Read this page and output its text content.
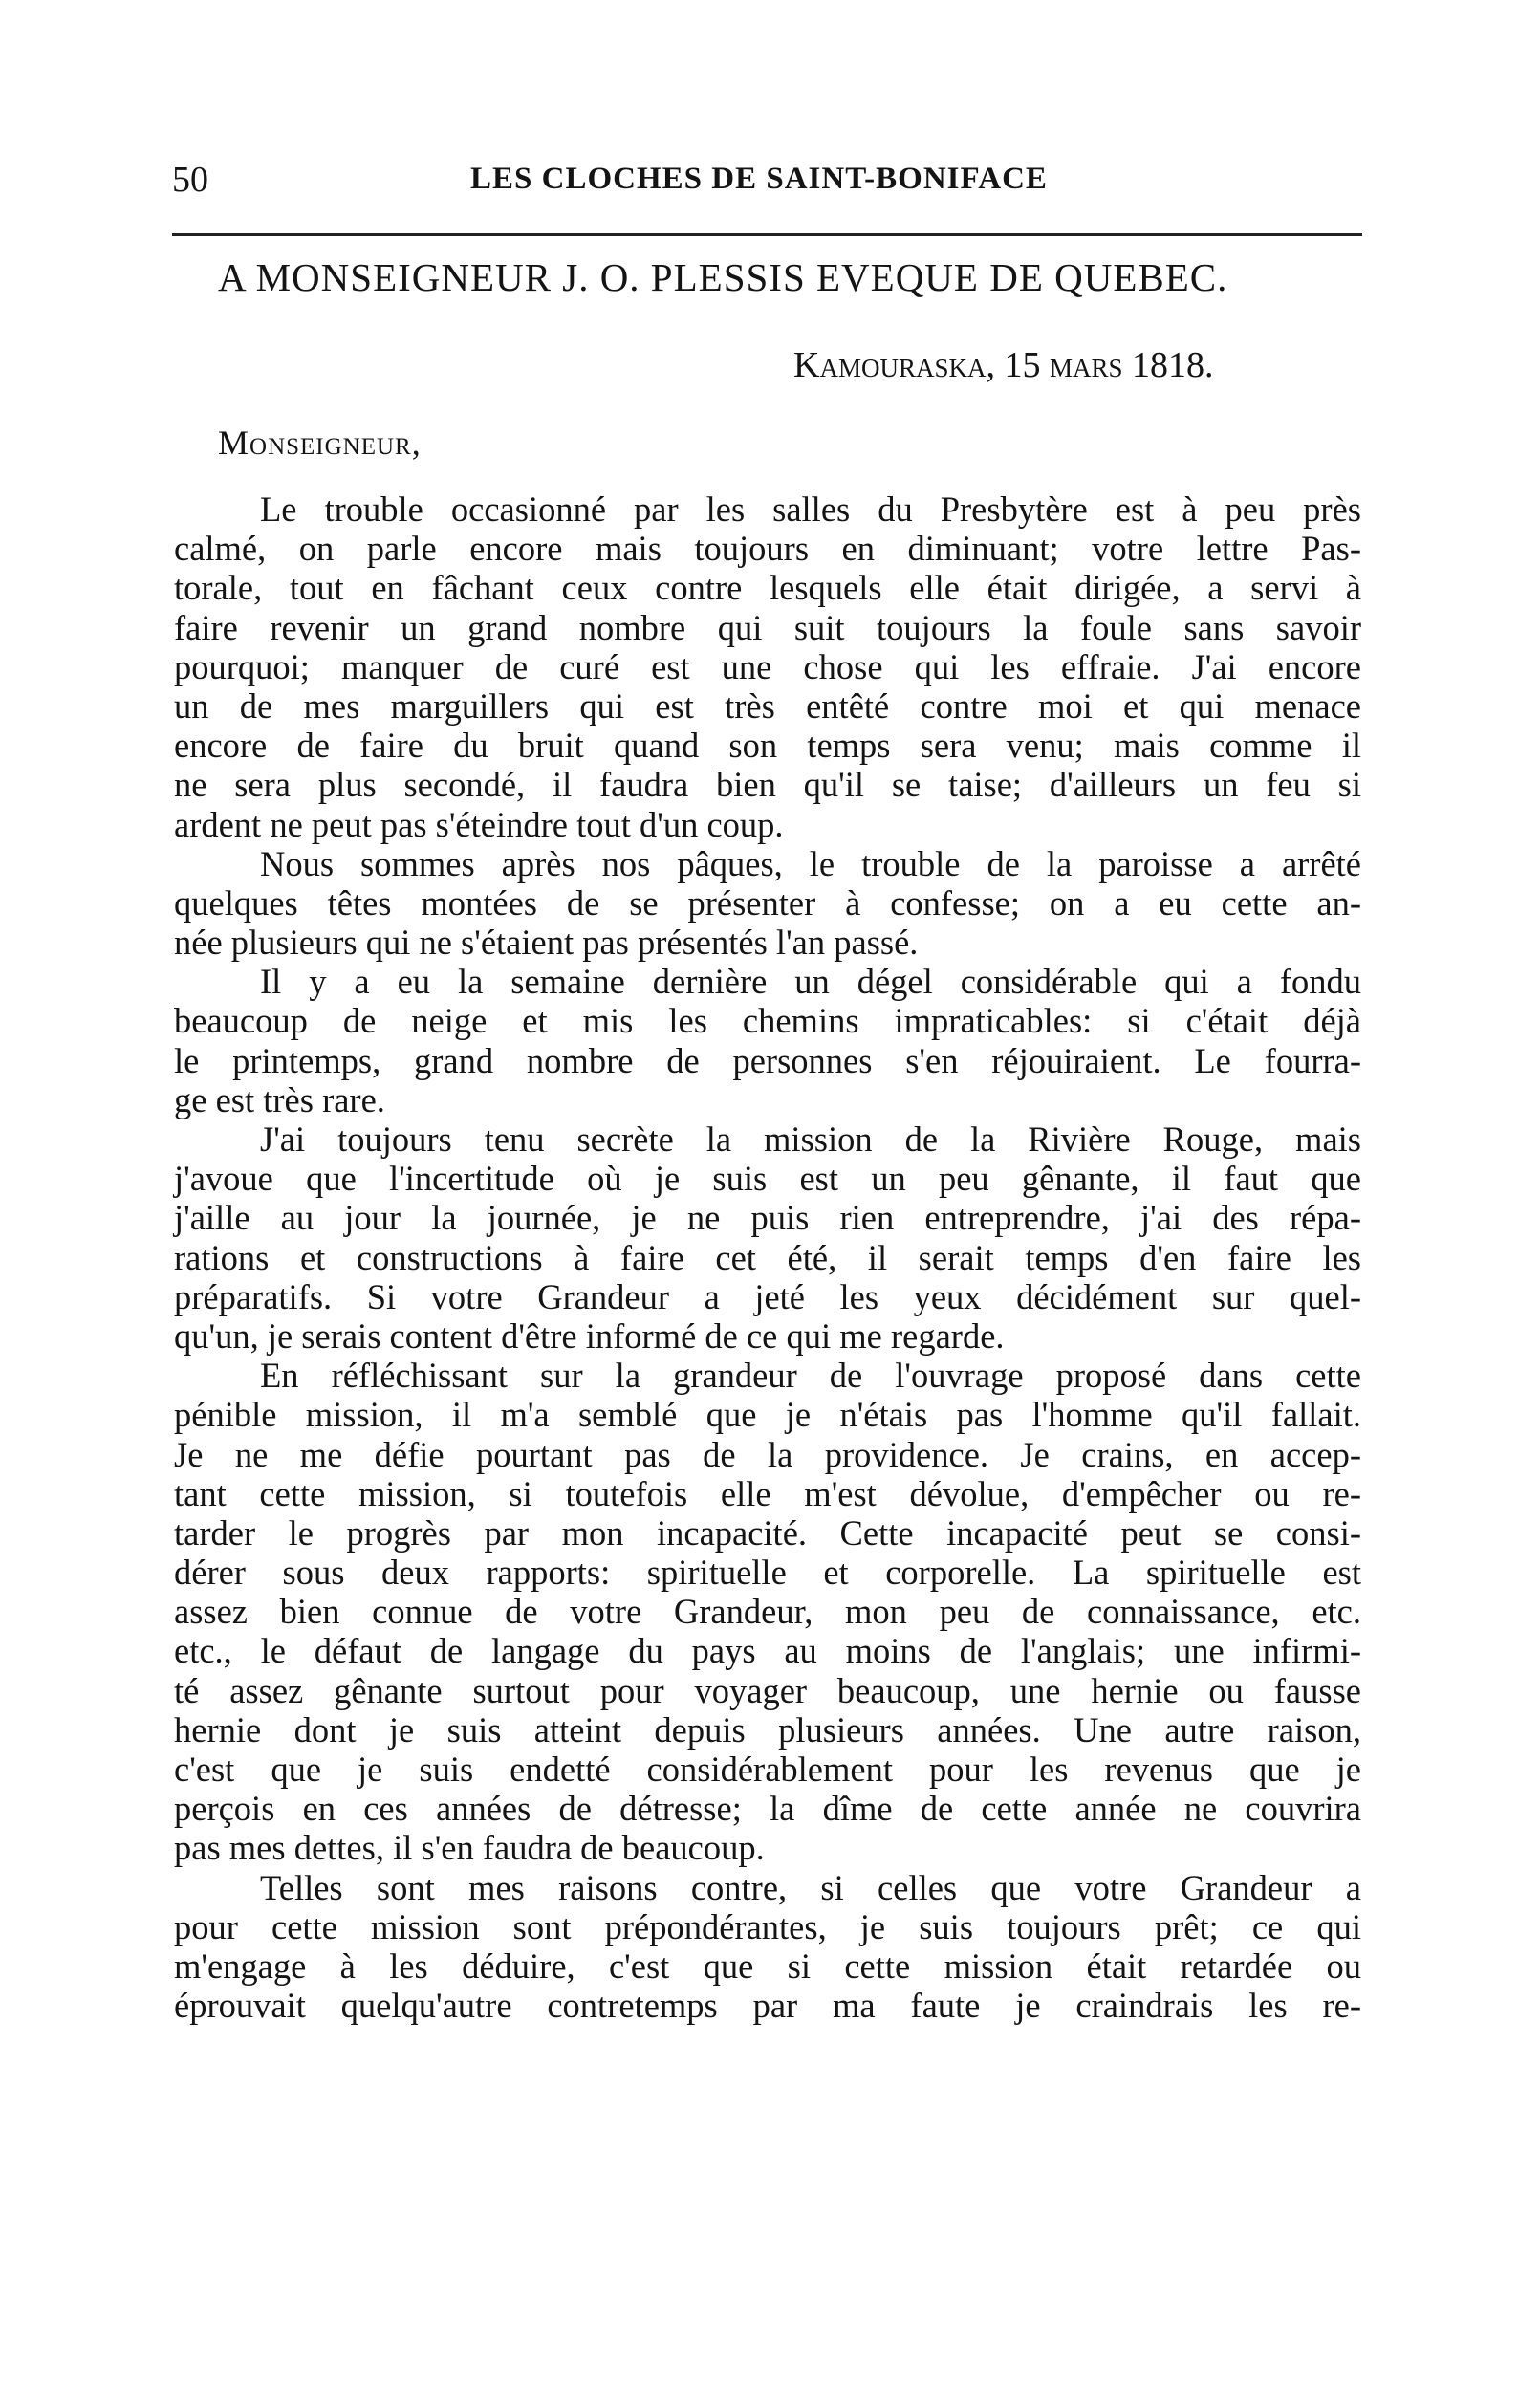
50	LES CLOCHES DE SAINT-BONIFACE
A MONSEIGNEUR J. O. PLESSIS EVEQUE DE QUEBEC.
Kamouraska, 15 mars 1818.
Monseigneur,
Le trouble occasionné par les salles du Presbytère est à peu près
calmé, on parle encore mais toujours en diminuant; votre lettre Pas-
torale, tout en fâchant ceux contre lesquels elle était dirigée, a servi à
faire revenir un grand nombre qui suit toujours la foule sans savoir
pourquoi; manquer de curé est une chose qui les effraie. J'ai encore
un de mes marguillers qui est très entêté contre moi et qui menace
encore de faire du bruit quand son temps sera venu; mais comme il
ne sera plus secondé, il faudra bien qu'il se taise; d'ailleurs un feu si
ardent ne peut pas s'éteindre tout d'un coup.
Nous sommes après nos pâques, le trouble de la paroisse a arrêté
quelques têtes montées de se présenter à confesse; on a eu cette an-
née plusieurs qui ne s'étaient pas présentés l'an passé.
Il y a eu la semaine dernière un dégel considérable qui a fondu
beaucoup de neige et mis les chemins impraticables: si c'était déjà
le printemps, grand nombre de personnes s'en réjouiraient. Le fourra-
ge est très rare.
J'ai toujours tenu secrète la mission de la Rivière Rouge, mais
j'avoue que l'incertitude où je suis est un peu gênante, il faut que
j'aille au jour la journée, je ne puis rien entreprendre, j'ai des répa-
rations et constructions à faire cet été, il serait temps d'en faire les
préparatifs. Si votre Grandeur a jeté les yeux décidément sur quel-
qu'un, je serais content d'être informé de ce qui me regarde.
En réfléchissant sur la grandeur de l'ouvrage proposé dans cette
pénible mission, il m'a semblé que je n'étais pas l'homme qu'il fallait.
Je ne me défie pourtant pas de la providence. Je crains, en accep-
tant cette mission, si toutefois elle m'est dévolue, d'empêcher ou re-
tarder le progrès par mon incapacité. Cette incapacité peut se consi-
dérer sous deux rapports: spirituelle et corporelle. La spirituelle est
assez bien connue de votre Grandeur, mon peu de connaissance, etc.
etc., le défaut de langage du pays au moins de l'anglais; une infirmi-
té assez gênante surtout pour voyager beaucoup, une hernie ou fausse
hernie dont je suis atteint depuis plusieurs années. Une autre raison,
c'est que je suis endetté considérablement pour les revenus que je
perçois en ces années de détresse; la dîme de cette année ne couvrira
pas mes dettes, il s'en faudra de beaucoup.
Telles sont mes raisons contre, si celles que votre Grandeur a
pour cette mission sont prépondérantes, je suis toujours prêt; ce qui
m'engage à les déduire, c'est que si cette mission était retardée ou
éprouvait quelqu'autre contretemps par ma faute je craindrais les re-
